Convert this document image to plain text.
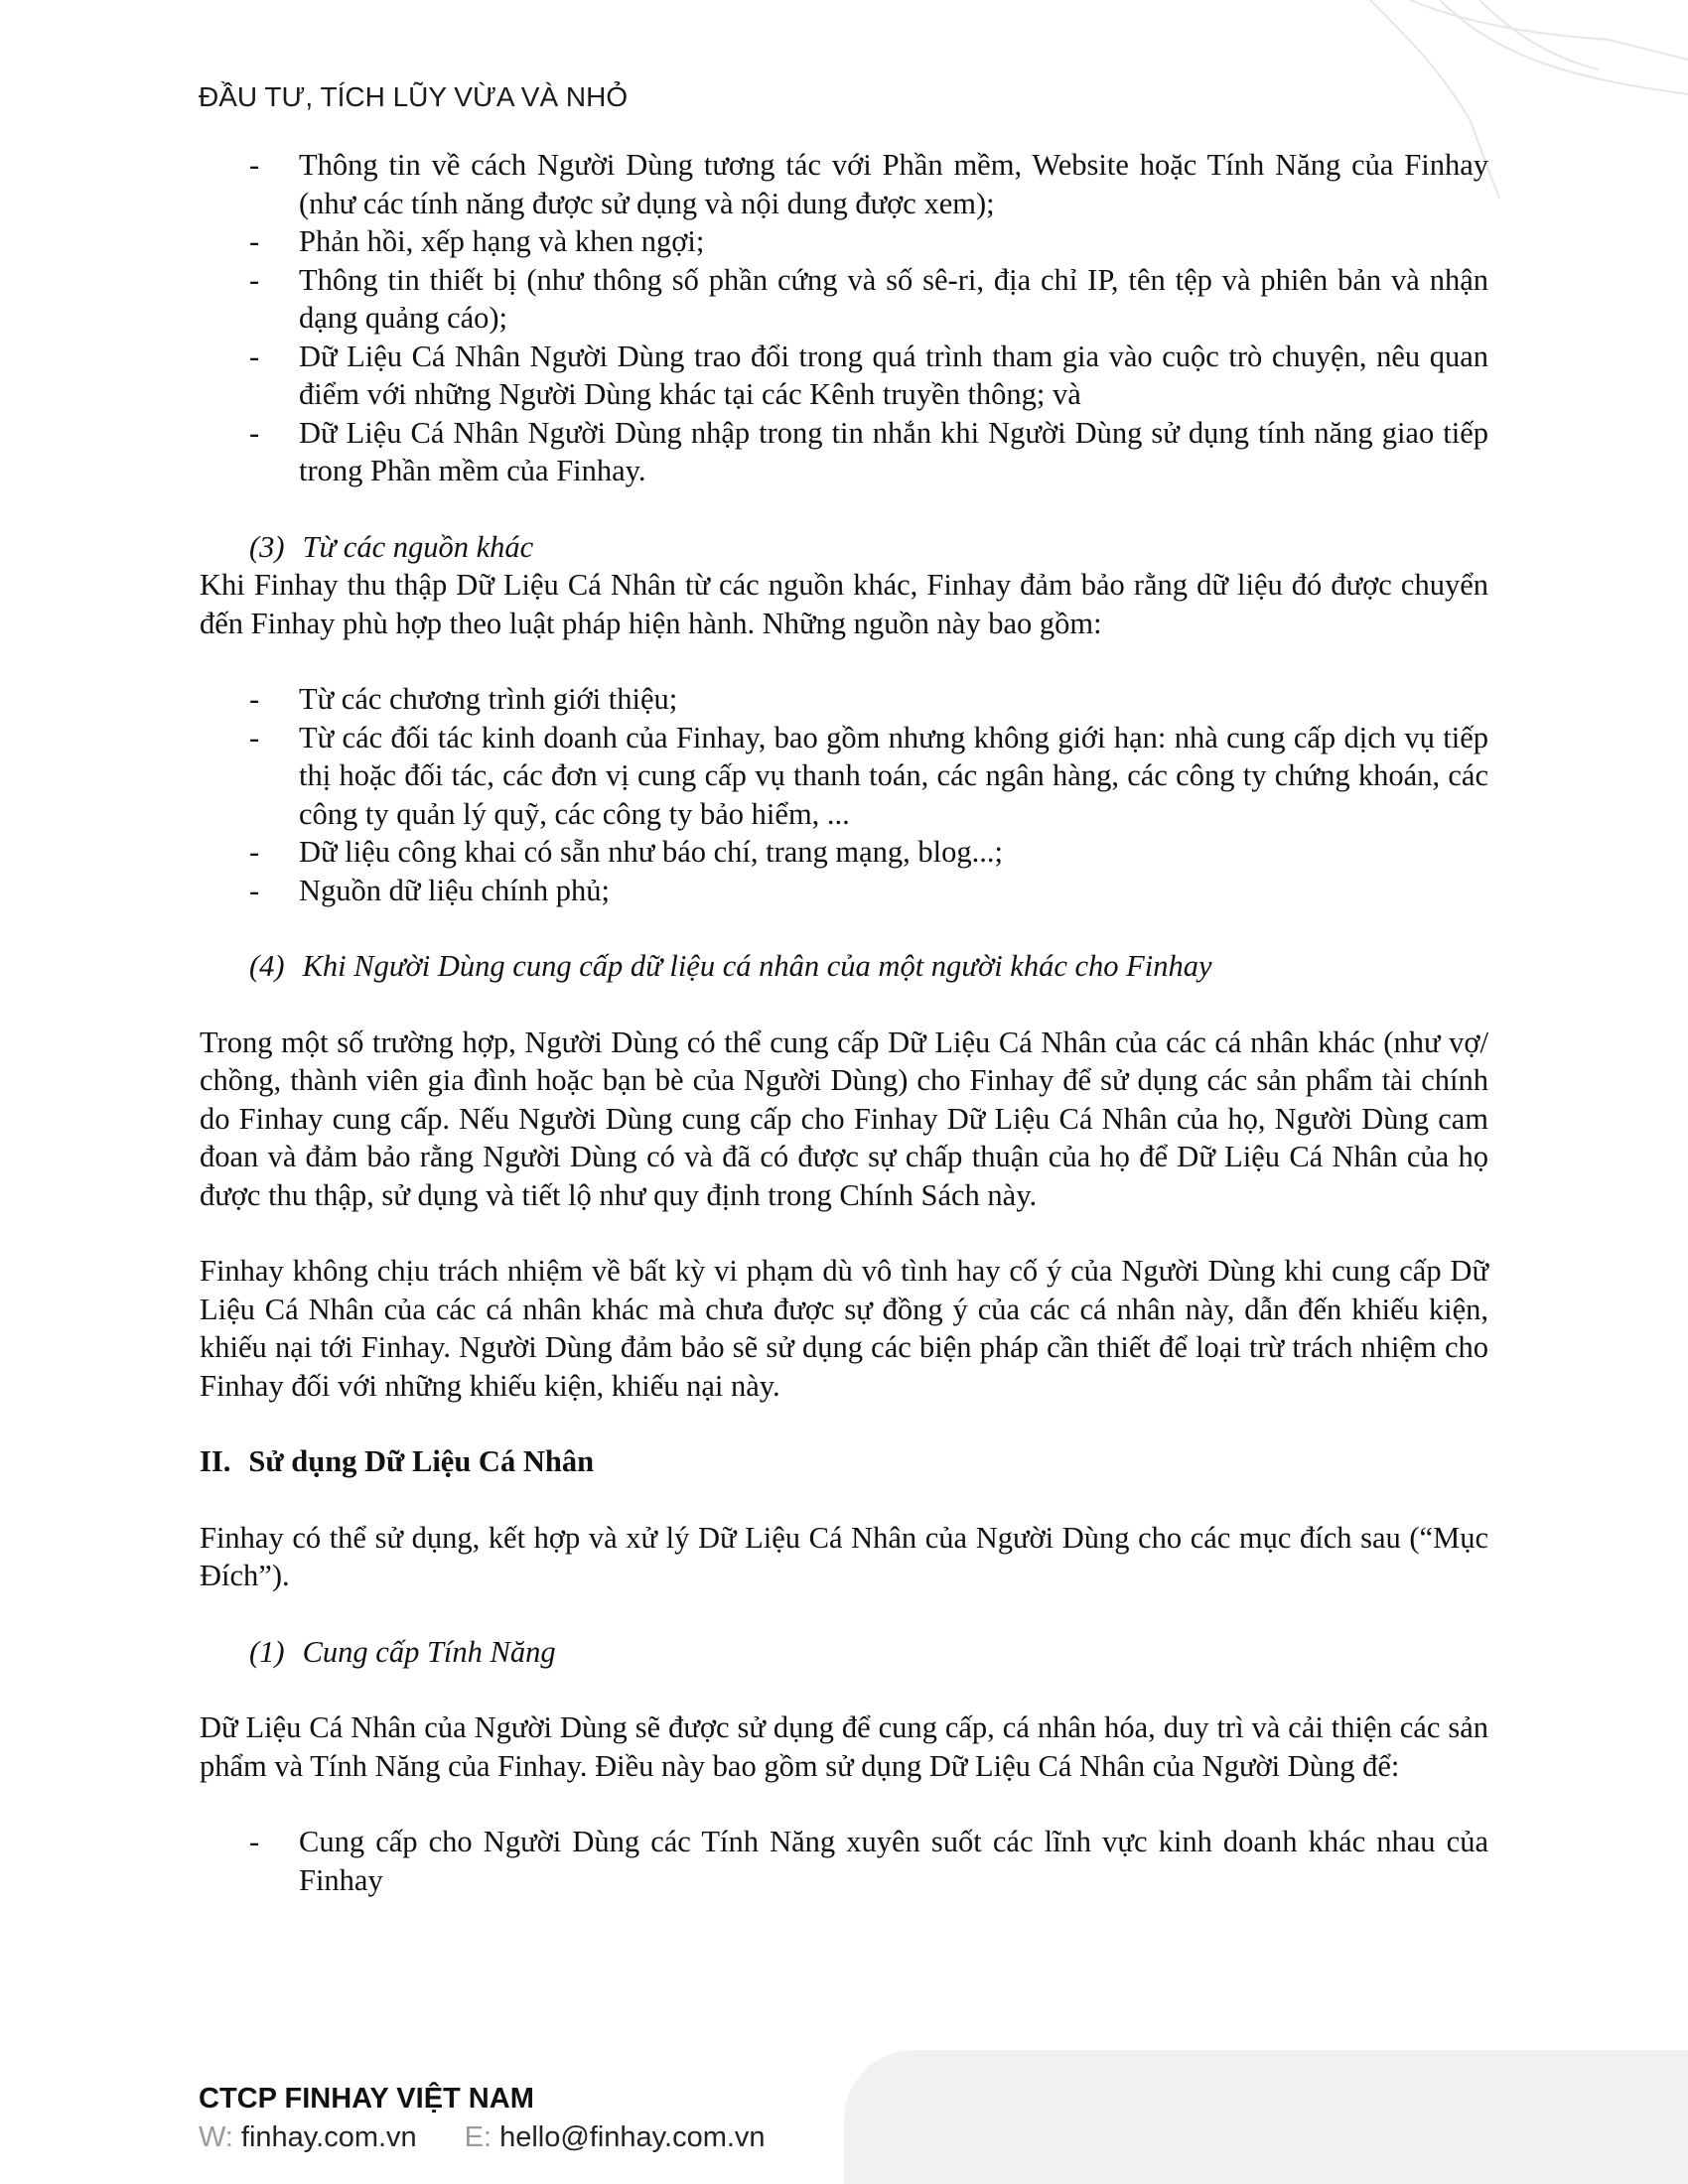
ĐẦU TƯ, TÍCH LŨY VỪA VÀ NHỎ
- Thông tin về cách Người Dùng tương tác với Phần mềm, Website hoặc Tính Năng của Finhay (như các tính năng được sử dụng và nội dung được xem);
- Phản hồi, xếp hạng và khen ngợi;
- Thông tin thiết bị (như thông số phần cứng và số sê-ri, địa chỉ IP, tên tệp và phiên bản và nhận dạng quảng cáo);
- Dữ Liệu Cá Nhân Người Dùng trao đổi trong quá trình tham gia vào cuộc trò chuyện, nêu quan điểm với những Người Dùng khác tại các Kênh truyền thông; và
- Dữ Liệu Cá Nhân Người Dùng nhập trong tin nhắn khi Người Dùng sử dụng tính năng giao tiếp trong Phần mềm của Finhay.
(3) Từ các nguồn khác

Khi Finhay thu thập Dữ Liệu Cá Nhân từ các nguồn khác, Finhay đảm bảo rằng dữ liệu đó được chuyển đến Finhay phù hợp theo luật pháp hiện hành. Những nguồn này bao gồm:

- Từ các chương trình giới thiệu;
- Từ các đối tác kinh doanh của Finhay, bao gồm nhưng không giới hạn: nhà cung cấp dịch vụ tiếp thị hoặc đối tác, các đơn vị cung cấp vụ thanh toán, các ngân hàng, các công ty chứng khoán, các công ty quản lý quỹ, các công ty bảo hiểm, ...
- Dữ liệu công khai có sẵn như báo chí, trang mạng, blog...;
- Nguồn dữ liệu chính phủ;
(4) Khi Người Dùng cung cấp dữ liệu cá nhân của một người khác cho Finhay

Trong một số trường hợp, Người Dùng có thể cung cấp Dữ Liệu Cá Nhân của các cá nhân khác (như vợ/ chồng, thành viên gia đình hoặc bạn bè của Người Dùng) cho Finhay để sử dụng các sản phẩm tài chính do Finhay cung cấp. Nếu Người Dùng cung cấp cho Finhay Dữ Liệu Cá Nhân của họ, Người Dùng cam đoan và đảm bảo rằng Người Dùng có và đã có được sự chấp thuận của họ để Dữ Liệu Cá Nhân của họ được thu thập, sử dụng và tiết lộ như quy định trong Chính Sách này.

Finhay không chịu trách nhiệm về bất kỳ vi phạm dù vô tình hay cố ý của Người Dùng khi cung cấp Dữ Liệu Cá Nhân của các cá nhân khác mà chưa được sự đồng ý của các cá nhân này, dẫn đến khiếu kiện, khiếu nại tới Finhay. Người Dùng đảm bảo sẽ sử dụng các biện pháp cần thiết để loại trừ trách nhiệm cho Finhay đối với những khiếu kiện, khiếu nại này.

II. Sử dụng Dữ Liệu Cá Nhân

Finhay có thể sử dụng, kết hợp và xử lý Dữ Liệu Cá Nhân của Người Dùng cho các mục đích sau (“Mục Đích”).

(1) Cung cấp Tính Năng

Dữ Liệu Cá Nhân của Người Dùng sẽ được sử dụng để cung cấp, cá nhân hóa, duy trì và cải thiện các sản phẩm và Tính Năng của Finhay. Điều này bao gồm sử dụng Dữ Liệu Cá Nhân của Người Dùng để:

- Cung cấp cho Người Dùng các Tính Năng xuyên suốt các lĩnh vực kinh doanh khác nhau của Finhay
CTCP FINHAY VIỆT NAM
W: finhay.com.vn E: hello@finhay.com.vn
